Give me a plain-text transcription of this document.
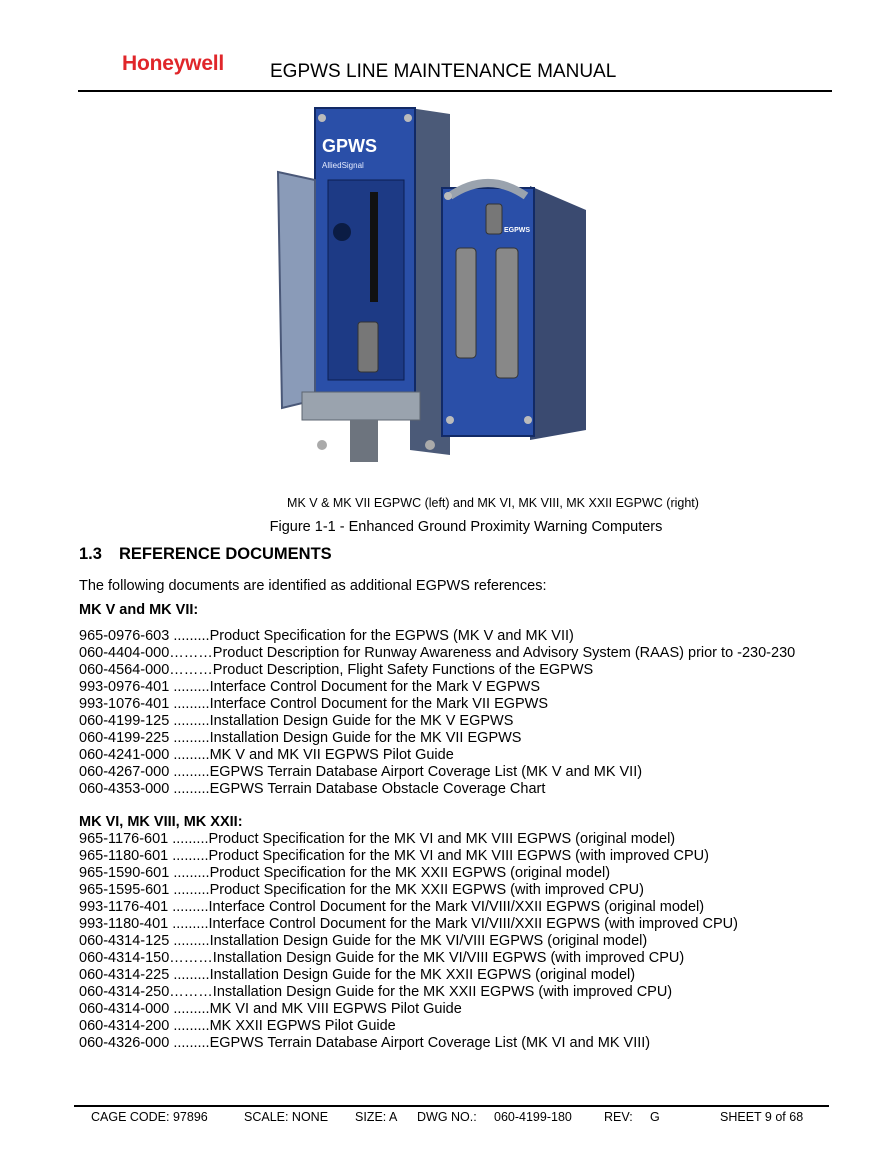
Honeywell EGPWS LINE MAINTENANCE MANUAL
GPWS
AlliedSignal
EGPWS
MK V & MK VII EGPWC (left) and MK VI, MK VIII, MK XXII EGPWC (right)
Figure 1-1 - Enhanced Ground Proximity Warning Computers
1.3 REFERENCE DOCUMENTS
The following documents are identified as additional EGPWS references:
MK V and MK VII:
965-0976-603 .........Product Specification for the EGPWS (MK V and MK VII)
060-4404-000………Product Description for Runway Awareness and Advisory System (RAAS) prior to -230-230
060-4564-000………Product Description, Flight Safety Functions of the EGPWS
993-0976-401 .........Interface Control Document for the Mark V EGPWS
993-1076-401 .........Interface Control Document for the Mark VII EGPWS
060-4199-125 .........Installation Design Guide for the MK V EGPWS
060-4199-225 .........Installation Design Guide for the MK VII EGPWS
060-4241-000 .........MK V and MK VII EGPWS Pilot Guide
060-4267-000 .........EGPWS Terrain Database Airport Coverage List (MK V and MK VII)
060-4353-000 .........EGPWS Terrain Database Obstacle Coverage Chart
MK VI, MK VIII, MK XXII:
965-1176-601 .........Product Specification for the MK VI and MK VIII EGPWS (original model)
965-1180-601 .........Product Specification for the MK VI and MK VIII EGPWS (with improved CPU)
965-1590-601 .........Product Specification for the MK XXII EGPWS (original model)
965-1595-601 .........Product Specification for the MK XXII EGPWS (with improved CPU)
993-1176-401 .........Interface Control Document for the Mark VI/VIII/XXII EGPWS (original model)
993-1180-401 .........Interface Control Document for the Mark VI/VIII/XXII EGPWS (with improved CPU)
060-4314-125 .........Installation Design Guide for the MK VI/VIII EGPWS (original model)
060-4314-150………Installation Design Guide for the MK VI/VIII EGPWS (with improved CPU)
060-4314-225 .........Installation Design Guide for the MK XXII EGPWS (original model)
060-4314-250………Installation Design Guide for the MK XXII EGPWS (with improved CPU)
060-4314-000 .........MK VI and MK VIII EGPWS Pilot Guide
060-4314-200 .........MK XXII EGPWS Pilot Guide
060-4326-000 .........EGPWS Terrain Database Airport Coverage List (MK VI and MK VIII)
CAGE CODE: 97896	SCALE: NONE SIZE: A DWG NO.: 060-4199-180	REV: G	SHEET 9 of 68
